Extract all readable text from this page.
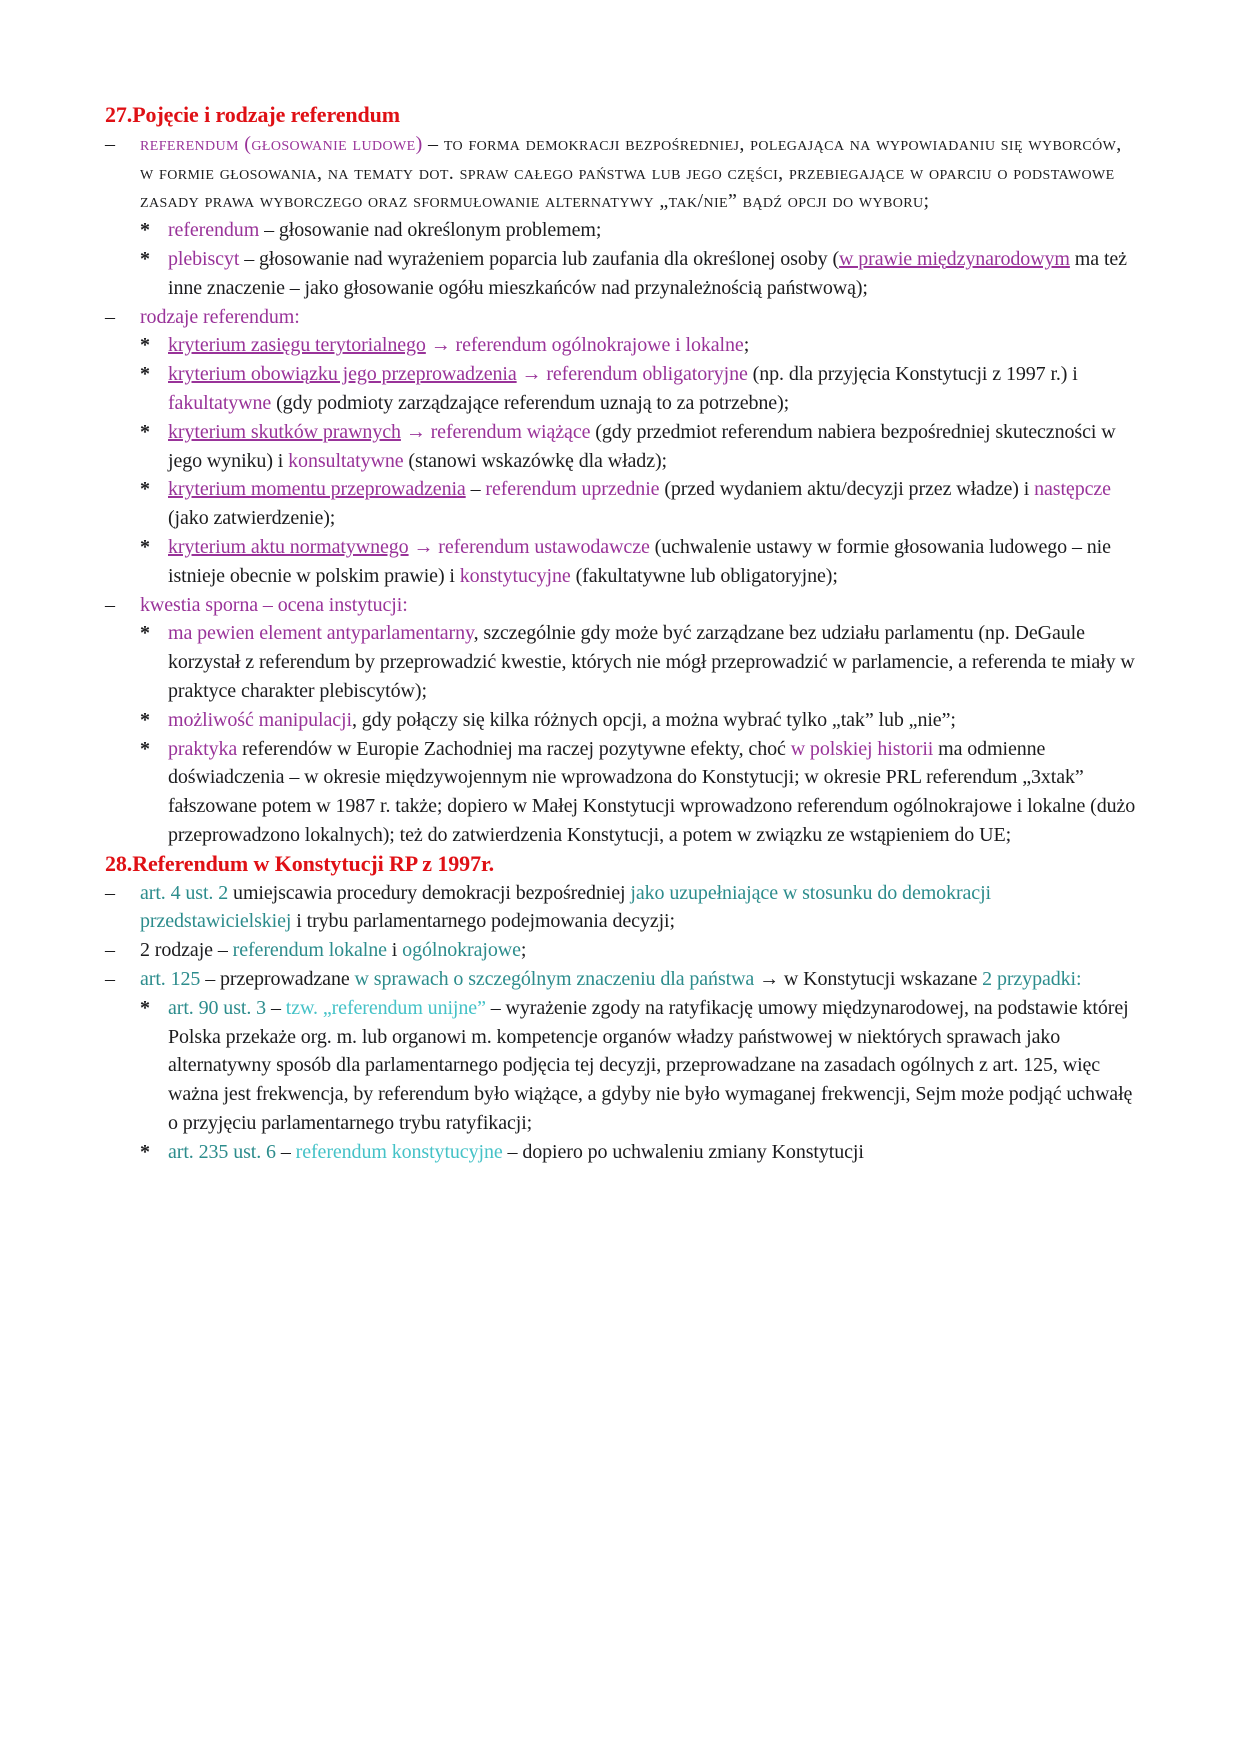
27.Pojęcie i rodzaje referendum
–	referendum (głosowanie ludowe) – to forma demokracji bezpośredniej, polegająca na wypowiadaniu się wyborców, w formie głosowania, na tematy dot. spraw całego państwa lub jego części, przebiegające w oparciu o podstawowe zasady prawa wyborczego oraz sformułowanie alternatywy „tak/nie” bądź opcji do wyboru;
* referendum – głosowanie nad określonym problemem;
* plebiscyt – głosowanie nad wyrażeniem poparcia lub zaufania dla określonej osoby (w prawie międzynarodowym ma też inne znaczenie – jako głosowanie ogółu mieszkańców nad przynależnością państwową);
–	rodzaje referendum:
* kryterium zasięgu terytorialnego → referendum ogólnokrajowe i lokalne;
* kryterium obowiązku jego przeprowadzenia → referendum obligatoryjne (np. dla przyjęcia Konstytucji z 1997 r.) i fakultatywne (gdy podmioty zarządzające referendum uznają to za potrzebne);
* kryterium skutków prawnych → referendum wiążące (gdy przedmiot referendum nabiera bezpośredniej skuteczności w jego wyniku) i konsultatywne (stanowi wskazówkę dla władz);
* kryterium momentu przeprowadzenia – referendum uprzednie (przed wydaniem aktu/decyzji przez władze) i następcze (jako zatwierdzenie);
* kryterium aktu normatywnego → referendum ustawodawcze (uchwalenie ustawy w formie głosowania ludowego – nie istnieje obecnie w polskim prawie) i konstytucyjne (fakultatywne lub obligatoryjne);
–	kwestia sporna – ocena instytucji:
* ma pewien element antyparlamentarny, szczególnie gdy może być zarządzane bez udziału parlamentu (np. DeGaule korzystał z referendum by przeprowadzić kwestie, których nie mógł przeprowadzić w parlamencie, a referenda te miały w praktyce charakter plebiscytów);
* możliwość manipulacji, gdy połączy się kilka różnych opcji, a można wybrać tylko „tak” lub „nie”;
* praktyka referendów w Europie Zachodniej ma raczej pozytywne efekty, choć w polskiej historii ma odmienne doświadczenia – w okresie międzywojennym nie wprowadzona do Konstytucji; w okresie PRL referendum „3xtak” fałszowane potem w 1987 r. także; dopiero w Małej Konstytucji wprowadzono referendum ogólnokrajowe i lokalne (dużo przeprowadzono lokalnych); też do zatwierdzenia Konstytucji, a potem w związku ze wstąpieniem do UE;
28.Referendum w Konstytucji RP z 1997r.
–	art. 4 ust. 2 umiejscawia procedury demokracji bezpośredniej jako uzupełniające w stosunku do demokracji przedstawicielskiej i trybu parlamentarnego podejmowania decyzji;
–	2 rodzaje – referendum lokalne i ogólnokrajowe;
–	art. 125 – przeprowadzane w sprawach o szczególnym znaczeniu dla państwa → w Konstytucji wskazane 2 przypadki:
* art. 90 ust. 3 – tzw. „referendum unijne” – wyrażenie zgody na ratyfikację umowy międzynarodowej, na podstawie której Polska przekaże org. m. lub organowi m. kompetencje organów władzy państwowej w niektórych sprawach jako alternatywny sposób dla parlamentarnego podjęcia tej decyzji, przeprowadzane na zasadach ogólnych z art. 125, więc ważna jest frekwencja, by referendum było wiążące, a gdyby nie było wymaganej frekwencji, Sejm może podjąć uchwałę o przyjęciu parlamentarnego trybu ratyfikacji;
* art. 235 ust. 6 – referendum konstytucyjne – dopiero po uchwaleniu zmiany Konstytucji
